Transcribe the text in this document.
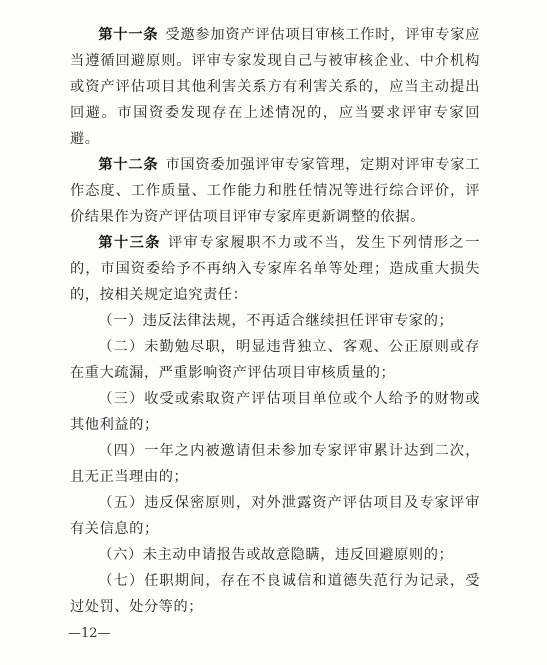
第十一条 受邀参加资产评估项目审核工作时，评审专家应当遵循回避原则。评审专家发现自己与被审核企业、中介机构或资产评估项目其他利害关系方有利害关系的，应当主动提出回避。市国资委发现存在上述情况的，应当要求评审专家回避。

第十二条 市国资委加强评审专家管理，定期对评审专家工作态度、工作质量、工作能力和胜任情况等进行综合评价，评价结果作为资产评估项目评审专家库更新调整的依据。

第十三条 评审专家履职不力或不当，发生下列情形之一的，市国资委给予不再纳入专家库名单等处理；造成重大损失的，按相关规定追究责任：

（一）违反法律法规，不再适合继续担任评审专家的；

（二）未勤勉尽职，明显违背独立、客观、公正原则或存在重大疏漏，严重影响资产评估项目审核质量的；

（三）收受或索取资产评估项目单位或个人给予的财物或其他利益的；

（四）一年之内被邀请但未参加专家评审累计达到二次，且无正当理由的；

（五）违反保密原则，对外泄露资产评估项目及专家评审有关信息的；

（六）未主动申请报告或故意隐瞒，违反回避原则的；

（七）任职期间，存在不良诚信和道德失范行为记录，受过处罚、处分等的；

—12—
